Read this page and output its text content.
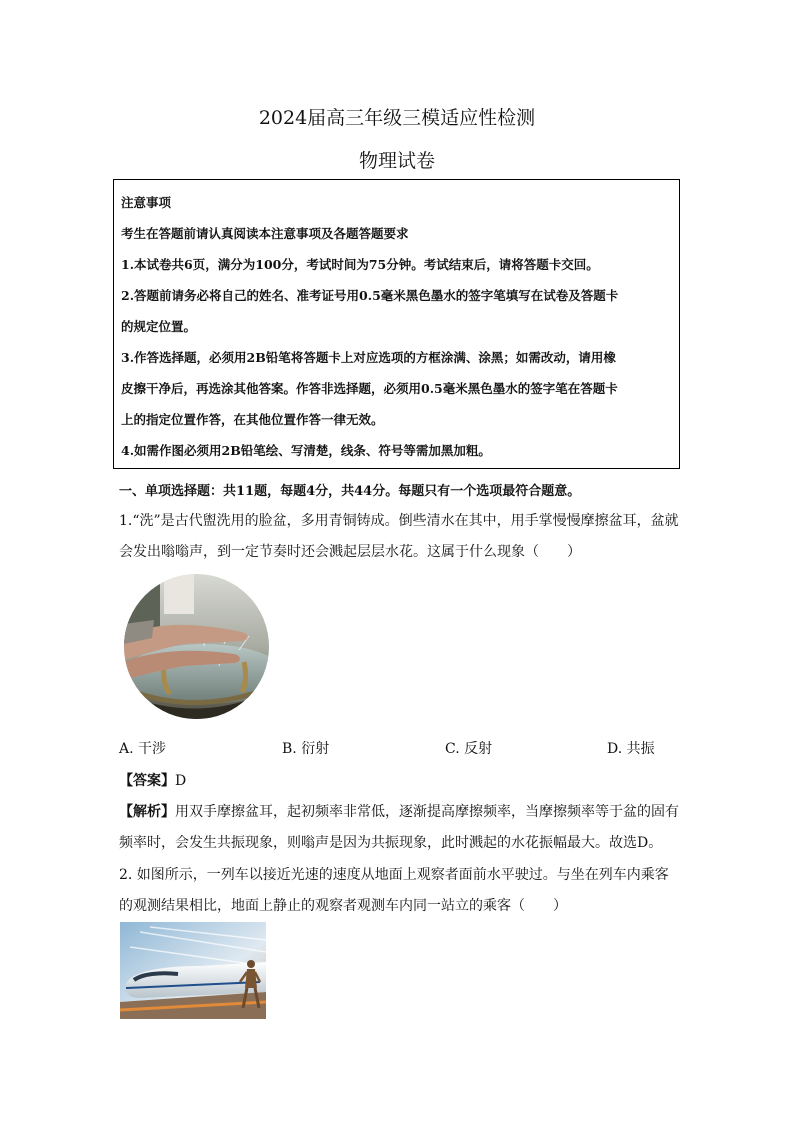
2024届高三年级三模适应性检测
物理试卷
注意事项
考生在答题前请认真阅读本注意事项及各题答题要求
1.本试卷共6页，满分为100分，考试时间为75分钟。考试结束后，请将答题卡交回。
2.答题前请务必将自己的姓名、准考证号用0.5毫米黑色墨水的签字笔填写在试卷及答题卡
的规定位置。
3.作答选择题，必须用2B铅笔将答题卡上对应选项的方框涂满、涂黑；如需改动，请用橡
皮擦干净后，再选涂其他答案。作答非选择题，必须用0.5毫米黑色墨水的签字笔在答题卡
上的指定位置作答，在其他位置作答一律无效。
4.如需作图必须用2B铅笔绘、写清楚，线条、符号等需加黑加粗。
一、单项选择题：共11题，每题4分，共44分。每题只有一个选项最符合题意。
1.“洗”是古代盥洗用的脸盆，多用青铜铸成。倒些清水在其中，用手掌慢慢摩擦盆耳，盆就
会发出嗡嗡声，到一定节奏时还会溅起层层水花。这属于什么现象（　　）
A. 干涉	B. 衍射	C. 反射	D. 共振
【答案】D
【解析】用双手摩擦盆耳，起初频率非常低，逐渐提高摩擦频率，当摩擦频率等于盆的固有
频率时，会发生共振现象，则嗡声是因为共振现象，此时溅起的水花振幅最大。故选D。
2. 如图所示，一列车以接近光速的速度从地面上观察者面前水平驶过。与坐在列车内乘客
的观测结果相比，地面上静止的观察者观测车内同一站立的乘客（　　）
